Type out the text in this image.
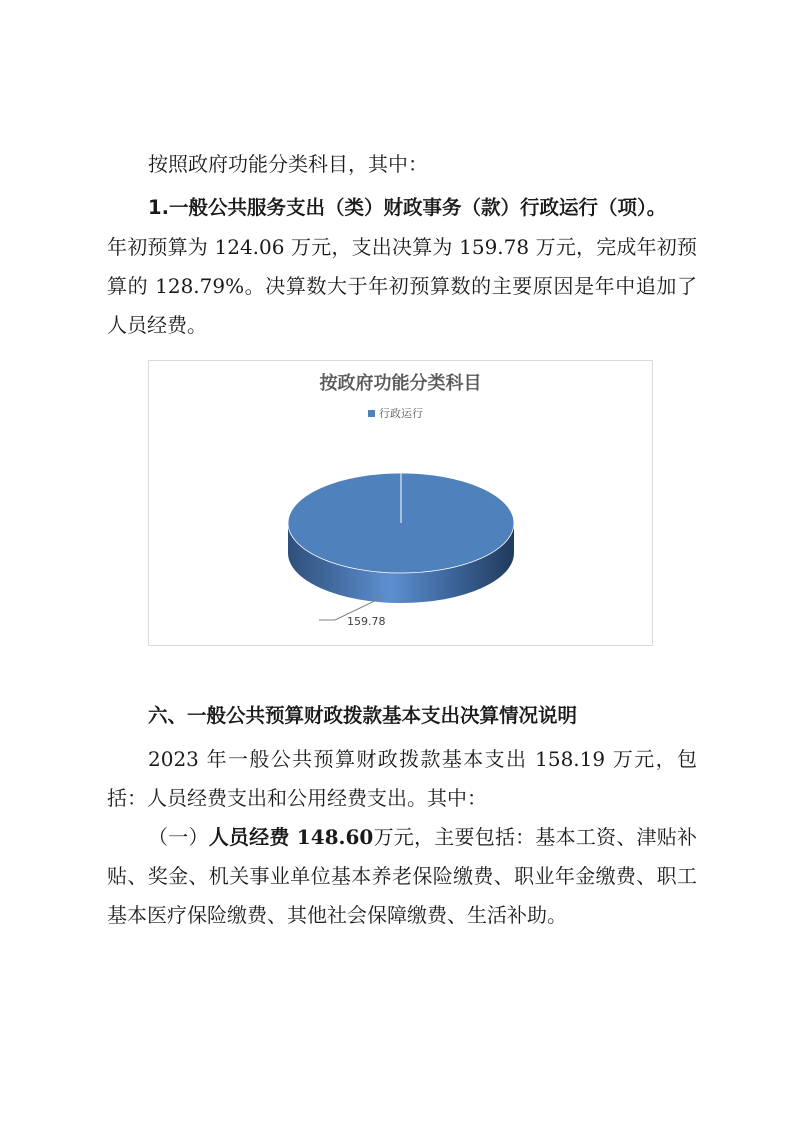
按照政府功能分类科目，其中：

1.一般公共服务支出（类）财政事务（款）行政运行（项）。

年初预算为 124.06 万元，支出决算为 159.78 万元，完成年初预算的 128.79%。决算数大于年初预算数的主要原因是年中追加了人员经费。

按政府功能分类科目
行政运行
159.78

六、一般公共预算财政拨款基本支出决算情况说明

2023 年一般公共预算财政拨款基本支出 158.19 万元，包括：人员经费支出和公用经费支出。其中：

（一）人员经费 148.60万元，主要包括：基本工资、津贴补贴、奖金、机关事业单位基本养老保险缴费、职业年金缴费、职工基本医疗保险缴费、其他社会保障缴费、生活补助。
